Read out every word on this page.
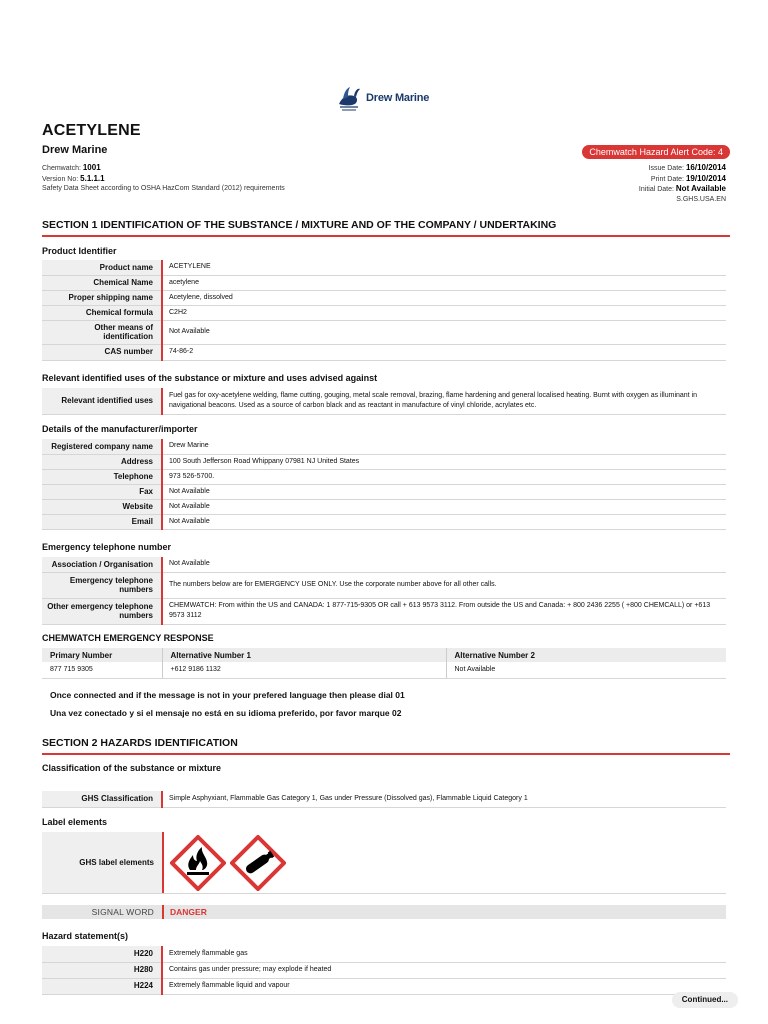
Drew Marine
ACETYLENE
Drew Marine	Chemwatch Hazard Alert Code: 4
Chemwatch: 1001
Version No: 5.1.1.1
Safety Data Sheet according to OSHA HazCom Standard (2012) requirements
Issue Date: 16/10/2014
Print Date: 19/10/2014
Initial Date: Not Available
S.GHS.USA.EN
SECTION 1 IDENTIFICATION OF THE SUBSTANCE / MIXTURE AND OF THE COMPANY / UNDERTAKING
Product Identifier
Product name	ACETYLENE
Chemical Name	acetylene
Proper shipping name	Acetylene, dissolved
Chemical formula	C2H2
Other means of identification	Not Available
CAS number	74-86-2
Relevant identified uses of the substance or mixture and uses advised against
Relevant identified uses	Fuel gas for oxy-acetylene welding, flame cutting, gouging, metal scale removal, brazing, flame hardening and general localised heating. Burnt with oxygen as illuminant in navigational beacons. Used as a source of carbon black and as reactant in manufacture of vinyl chloride, acrylates etc.
Details of the manufacturer/importer
Registered company name	Drew Marine
Address	100 South Jefferson Road Whippany 07981 NJ United States
Telephone	973 526-5700.
Fax	Not Available
Website	Not Available
Email	Not Available
Emergency telephone number
Association / Organisation	Not Available
Emergency telephone numbers	The numbers below are for EMERGENCY USE ONLY. Use the corporate number above for all other calls.
Other emergency telephone numbers	CHEMWATCH: From within the US and CANADA: 1 877-715-9305 OR call + 613 9573 3112. From outside the US and Canada: + 800 2436 2255 ( +800 CHEMCALL) or +613 9573 3112
CHEMWATCH EMERGENCY RESPONSE
Primary Number	Alternative Number 1	Alternative Number 2
877 715 9305	+612 9186 1132	Not Available
Once connected and if the message is not in your prefered language then please dial 01
Una vez conectado y si el mensaje no está en su idioma preferido, por favor marque 02
SECTION 2 HAZARDS IDENTIFICATION
Classification of the substance or mixture
GHS Classification	Simple Asphyxiant, Flammable Gas Category 1, Gas under Pressure (Dissolved gas), Flammable Liquid Category 1
Label elements
GHS label elements
SIGNAL WORD	DANGER
Hazard statement(s)
H220	Extremely flammable gas
H280	Contains gas under pressure; may explode if heated
H224	Extremely flammable liquid and vapour
Continued...
